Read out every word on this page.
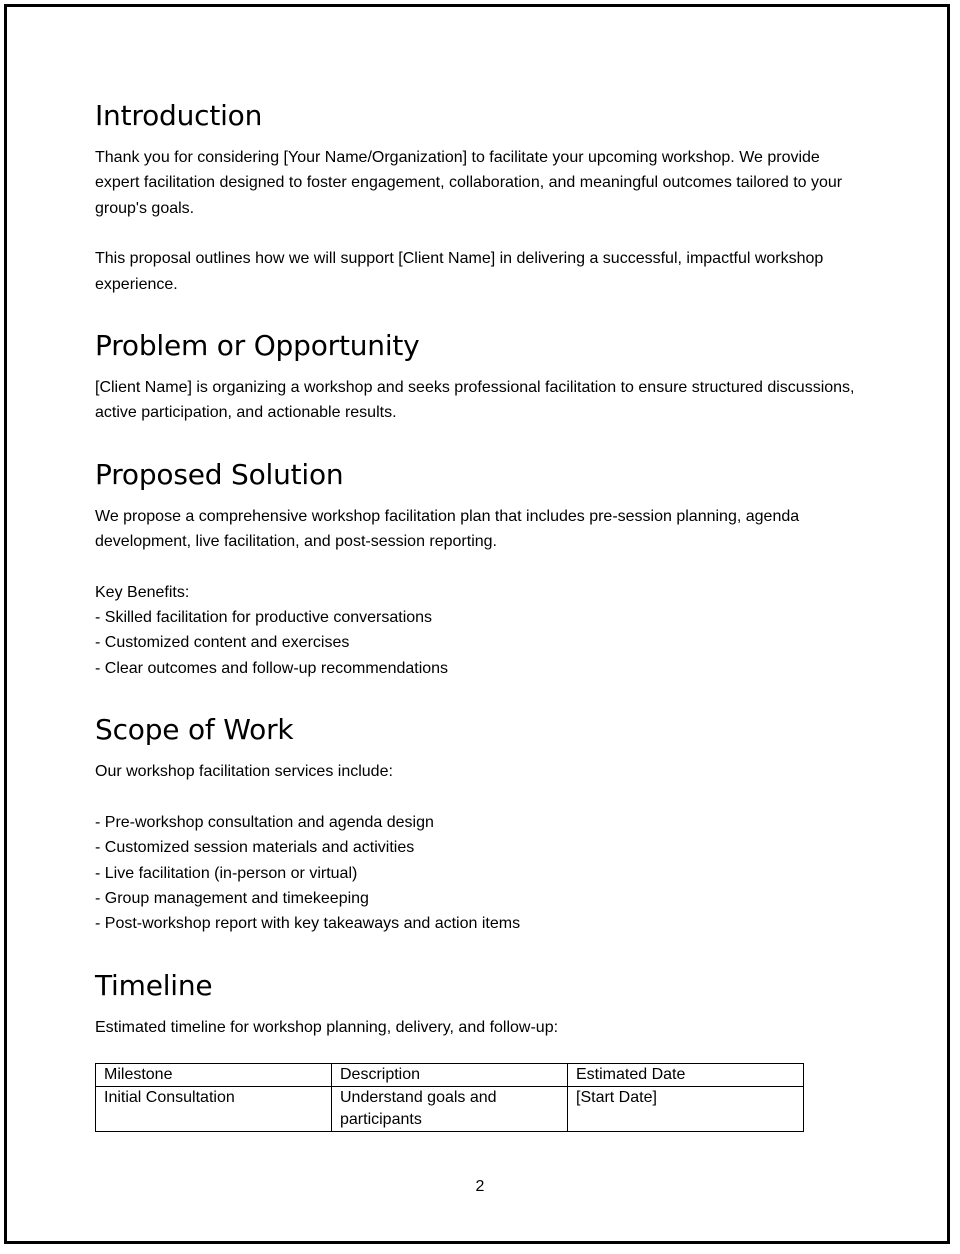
Introduction

Thank you for considering [Your Name/Organization] to facilitate your upcoming workshop. We provide expert facilitation designed to foster engagement, collaboration, and meaningful outcomes tailored to your group's goals.

This proposal outlines how we will support [Client Name] in delivering a successful, impactful workshop experience.

Problem or Opportunity

[Client Name] is organizing a workshop and seeks professional facilitation to ensure structured discussions, active participation, and actionable results.

Proposed Solution

We propose a comprehensive workshop facilitation plan that includes pre-session planning, agenda development, live facilitation, and post-session reporting.

Key Benefits:

- Skilled facilitation for productive conversations
- Customized content and exercises
- Clear outcomes and follow-up recommendations
Scope of Work

Our workshop facilitation services include:

- Pre-workshop consultation and agenda design
- Customized session materials and activities
- Live facilitation (in-person or virtual)
- Group management and timekeeping
- Post-workshop report with key takeaways and action items
Timeline

Estimated timeline for workshop planning, delivery, and follow-up:

Milestone	Description	Estimated Date
Initial Consultation	Understand goals and participants	[Start Date]
2
